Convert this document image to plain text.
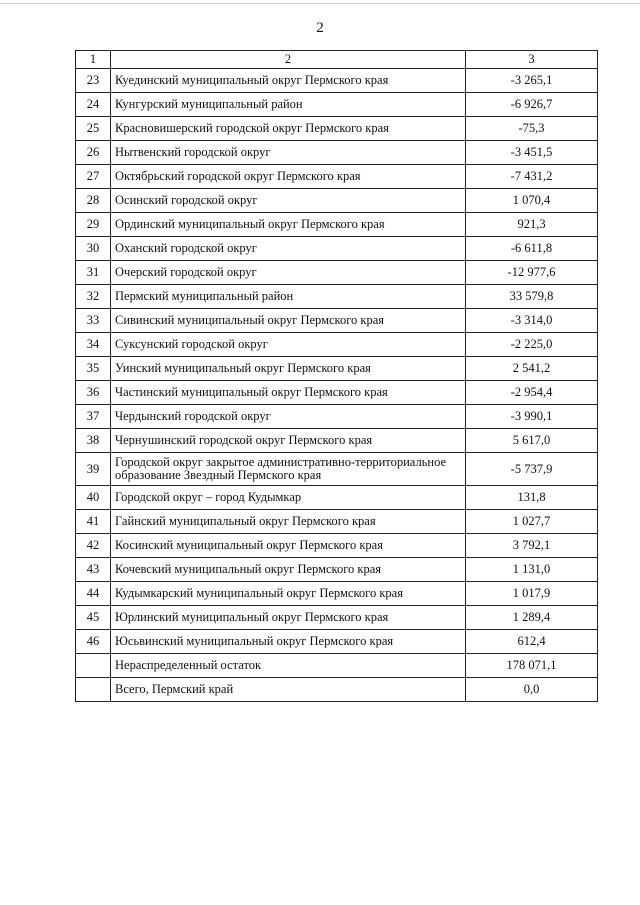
2
1	2	3
23	Куединский муниципальный округ Пермского края	-3 265,1
24	Кунгурский муниципальный район	-6 926,7
25	Красновишерский городской округ Пермского края	-75,3
26	Нытвенский городской округ	-3 451,5
27	Октябрьский городской округ Пермского края	-7 431,2
28	Осинский городской округ	1 070,4
29	Ординский муниципальный округ Пермского края	921,3
30	Оханский городской округ	-6 611,8
31	Очерский городской округ	-12 977,6
32	Пермский муниципальный район	33 579,8
33	Сивинский муниципальный округ Пермского края	-3 314,0
34	Суксунский городской округ	-2 225,0
35	Уинский муниципальный округ Пермского края	2 541,2
36	Частинский муниципальный округ Пермского края	-2 954,4
37	Чердынский городской округ	-3 990,1
38	Чернушинский городской округ Пермского края	5 617,0
39	Городской округ закрытое административно-территориальное образование Звездный Пермского края	-5 737,9
40	Городской округ – город Кудымкар	131,8
41	Гайнский муниципальный округ Пермского края	1 027,7
42	Косинский муниципальный округ Пермского края	3 792,1
43	Кочевский муниципальный округ Пермского края	1 131,0
44	Кудымкарский муниципальный округ Пермского края	1 017,9
45	Юрлинский муниципальный округ Пермского края	1 289,4
46	Юсьвинский муниципальный округ Пермского края	612,4
	Нераспределенный остаток	178 071,1
	Всего, Пермский край	0,0
